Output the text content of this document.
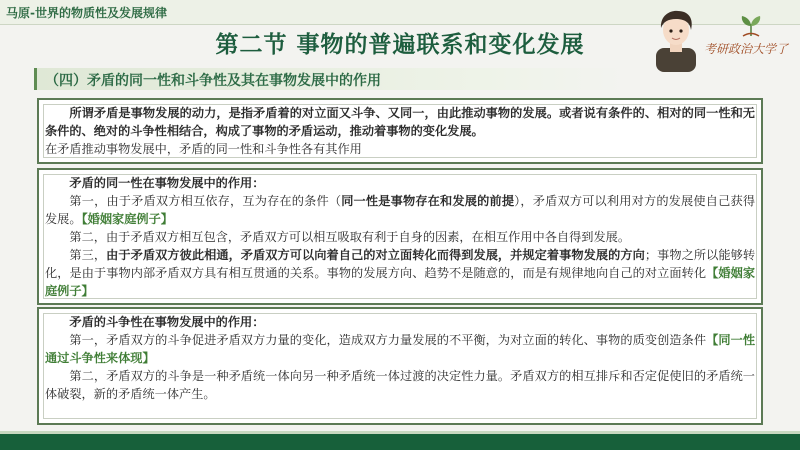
马原-世界的物质性及发展规律
第二节 事物的普遍联系和变化发展	考研政治大学了
（四）矛盾的同一性和斗争性及其在事物发展中的作用

所谓矛盾是事物发展的动力，是指矛盾着的对立面又斗争、又同一，由此推动事物的发展。或者说有条件的、相对的同一性和无条件的、绝对的斗争性相结合，构成了事物的矛盾运动，推动着事物的变化发展。

在矛盾推动事物发展中，矛盾的同一性和斗争性各有其作用

矛盾的同一性在事物发展中的作用：

第一，由于矛盾双方相互依存，互为存在的条件（同一性是事物存在和发展的前提），矛盾双方可以利用对方的发展使自己获得发展。【婚姻家庭例子】

第二，由于矛盾双方相互包含，矛盾双方可以相互吸取有利于自身的因素，在相互作用中各自得到发展。

第三，由于矛盾双方彼此相通，矛盾双方可以向着自己的对立面转化而得到发展，并规定着事物发展的方向；事物之所以能够转化，是由于事物内部矛盾双方具有相互贯通的关系。事物的发展方向、趋势不是随意的，而是有规律地向自己的对立面转化【婚姻家庭例子】

矛盾的斗争性在事物发展中的作用：

第一，矛盾双方的斗争促进矛盾双方力量的变化，造成双方力量发展的不平衡，为对立面的转化、事物的质变创造条件【同一性通过斗争性来体现】

第二，矛盾双方的斗争是一种矛盾统一体向另一种矛盾统一体过渡的决定性力量。矛盾双方的相互排斥和否定促使旧的矛盾统一体破裂，新的矛盾统一体产生。
